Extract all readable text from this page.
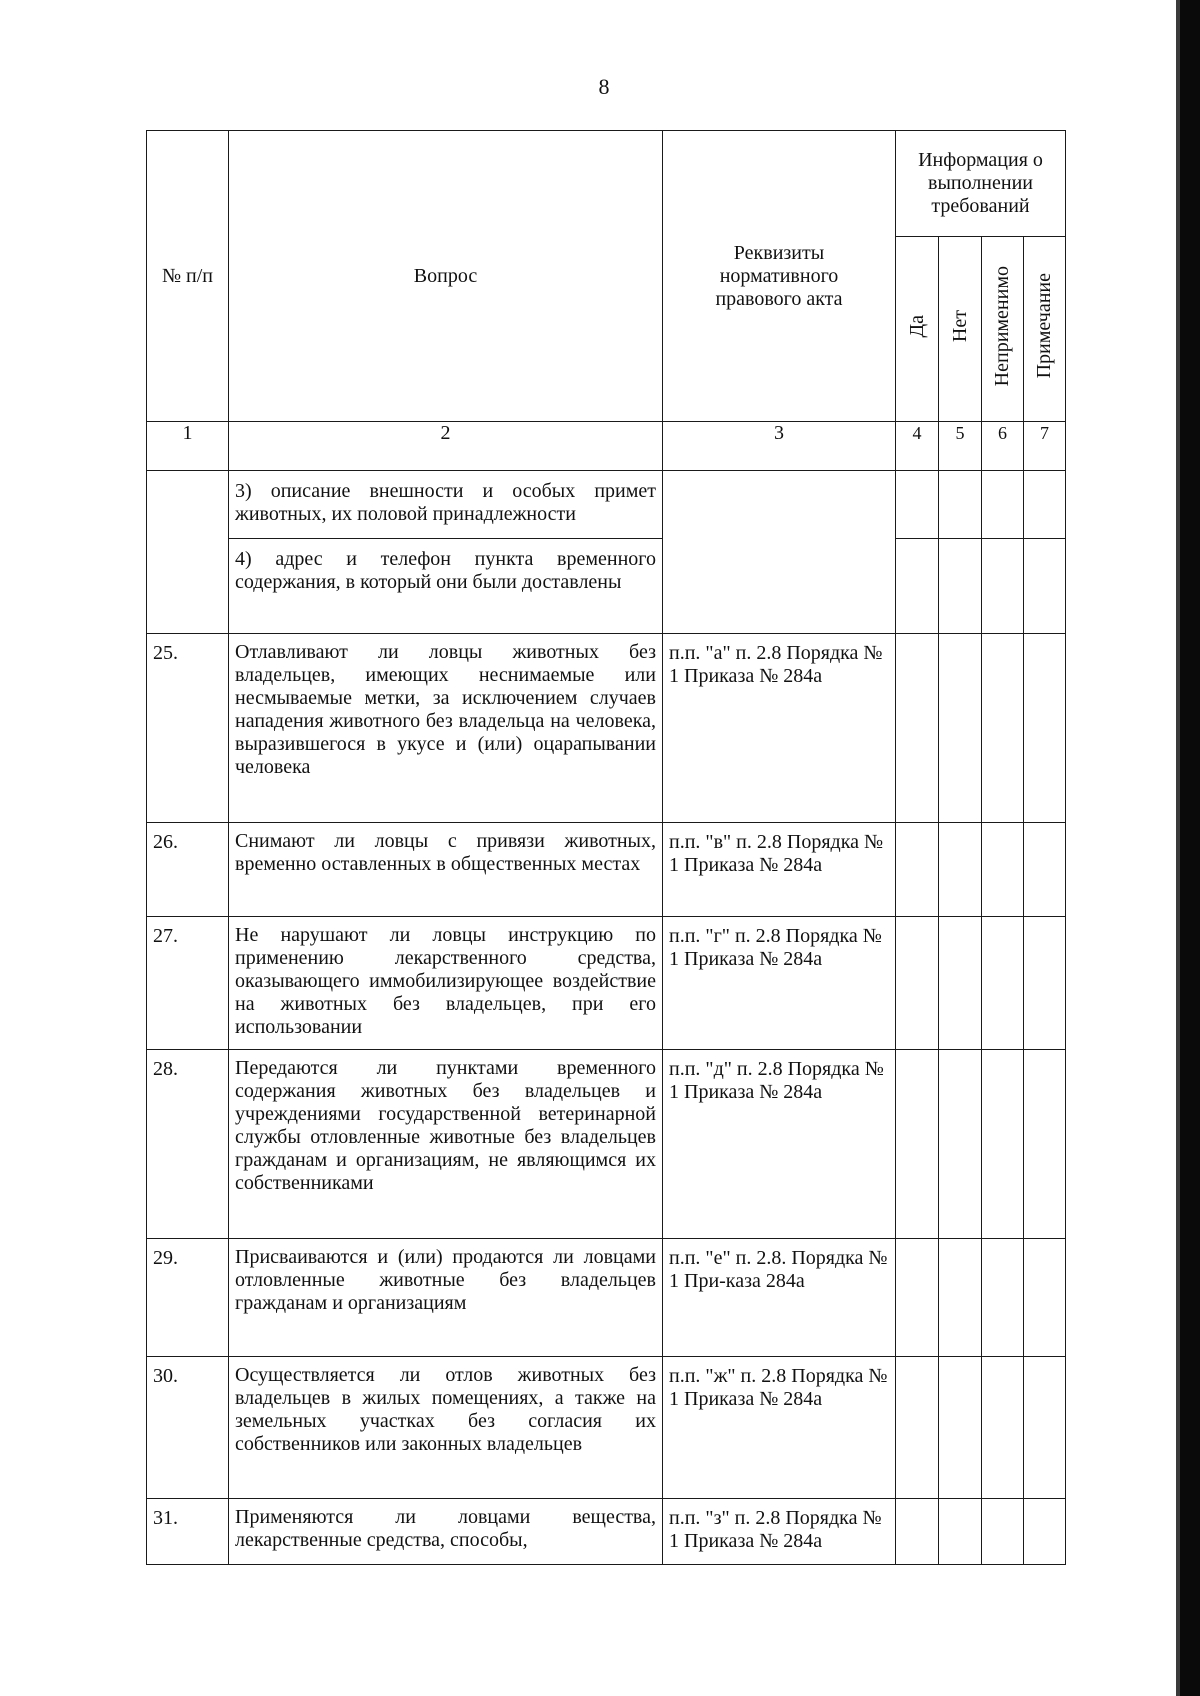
8
№ п/п	Вопрос	Реквизиты нормативного правового акта	Информация о выполнении требований			
			Да	Нет	Неприменимо	Примечание
1	2	3	4	5	6	7
	3) описание внешности и особых примет животных, их половой принадлежности					
	4) адрес и телефон пункта временного содержания, в который они были доставлены					
25.	Отлавливают ли ловцы животных без владельцев, имеющих неснимаемые или несмываемые метки, за исключением случаев нападения животного без владельца на человека, выразившегося в укусе и (или) оцарапывании человека	п.п. "а" п. 2.8 Порядка № 1 Приказа № 284а				
26.	Снимают ли ловцы с привязи животных, временно оставленных в общественных местах	п.п. "в" п. 2.8 Порядка № 1 Приказа № 284а				
27.	Не нарушают ли ловцы инструкцию по применению лекарственного средства, оказывающего иммобилизирующее воздействие на животных без владельцев, при его использовании	п.п. "г" п. 2.8 Порядка № 1 Приказа № 284а				
28.	Передаются ли пунктами временного содержания животных без владельцев и учреждениями государственной ветеринарной службы отловленные животные без владельцев гражданам и организациям, не являющимся их собственниками	п.п. "д" п. 2.8 Порядка № 1 Приказа № 284а				
29.	Присваиваются и (или) продаются ли ловцами отловленные животные без владельцев гражданам и организациям	п.п. "е" п. 2.8. Порядка № 1 При-каза 284а				
30.	Осуществляется ли отлов животных без владельцев в жилых помещениях, а также на земельных участках без согласия их собственников или законных владельцев	п.п. "ж" п. 2.8 Порядка № 1 Приказа № 284а				
31.	Применяются ли ловцами вещества, лекарственные средства, способы,	п.п. "з" п. 2.8 Порядка № 1 Приказа № 284а				
